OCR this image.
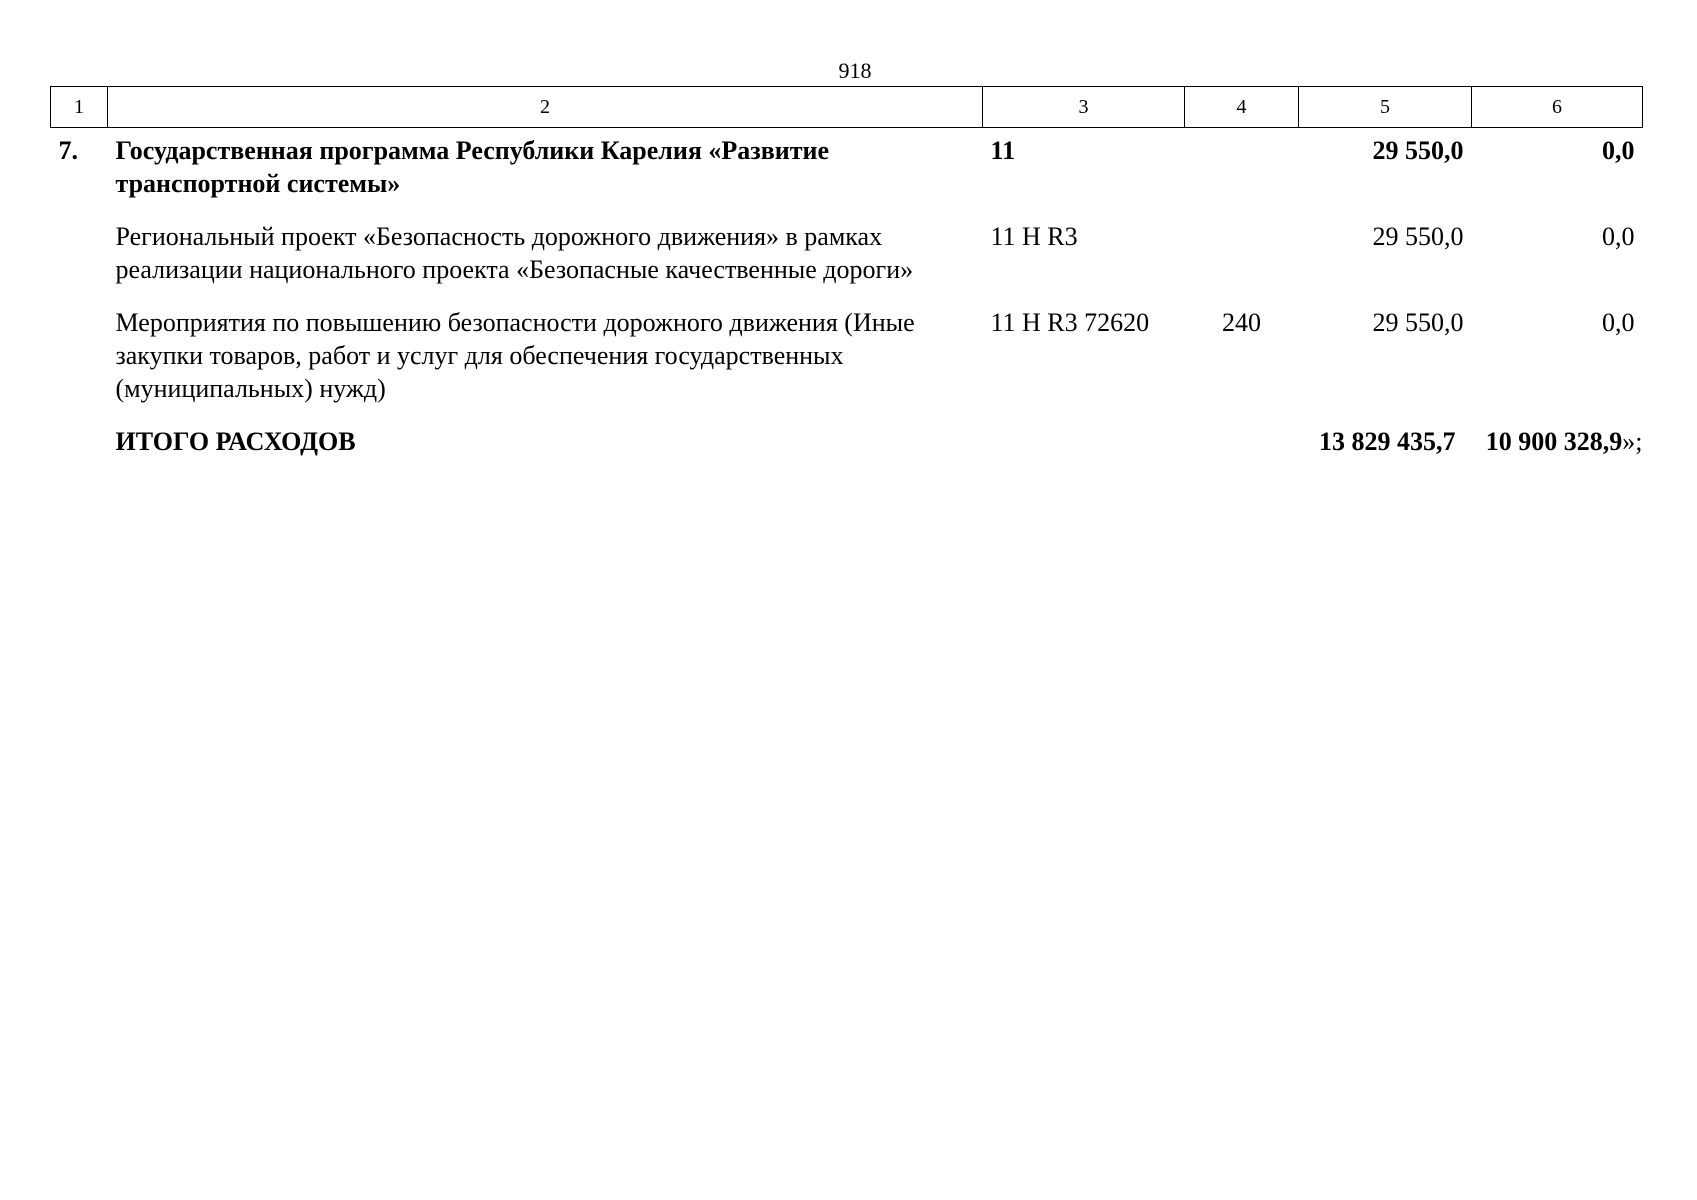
918
1	2	3	4	5	6
7.	Государственная программа Республики Карелия «Развитие транспортной системы»	11		29 550,0	0,0
	Региональный проект «Безопасность дорожного движения» в рамках реализации национального проекта «Безопасные качественные дороги»	11 Н R3		29 550,0	0,0
	Мероприятия по повышению безопасности дорожного движения (Иные закупки товаров, работ и услуг для обеспечения государственных (муниципальных) нужд)	11 Н R3 72620	240	29 550,0	0,0
	ИТОГО РАСХОДОВ			13 829 435,7	10 900 328,9»;
